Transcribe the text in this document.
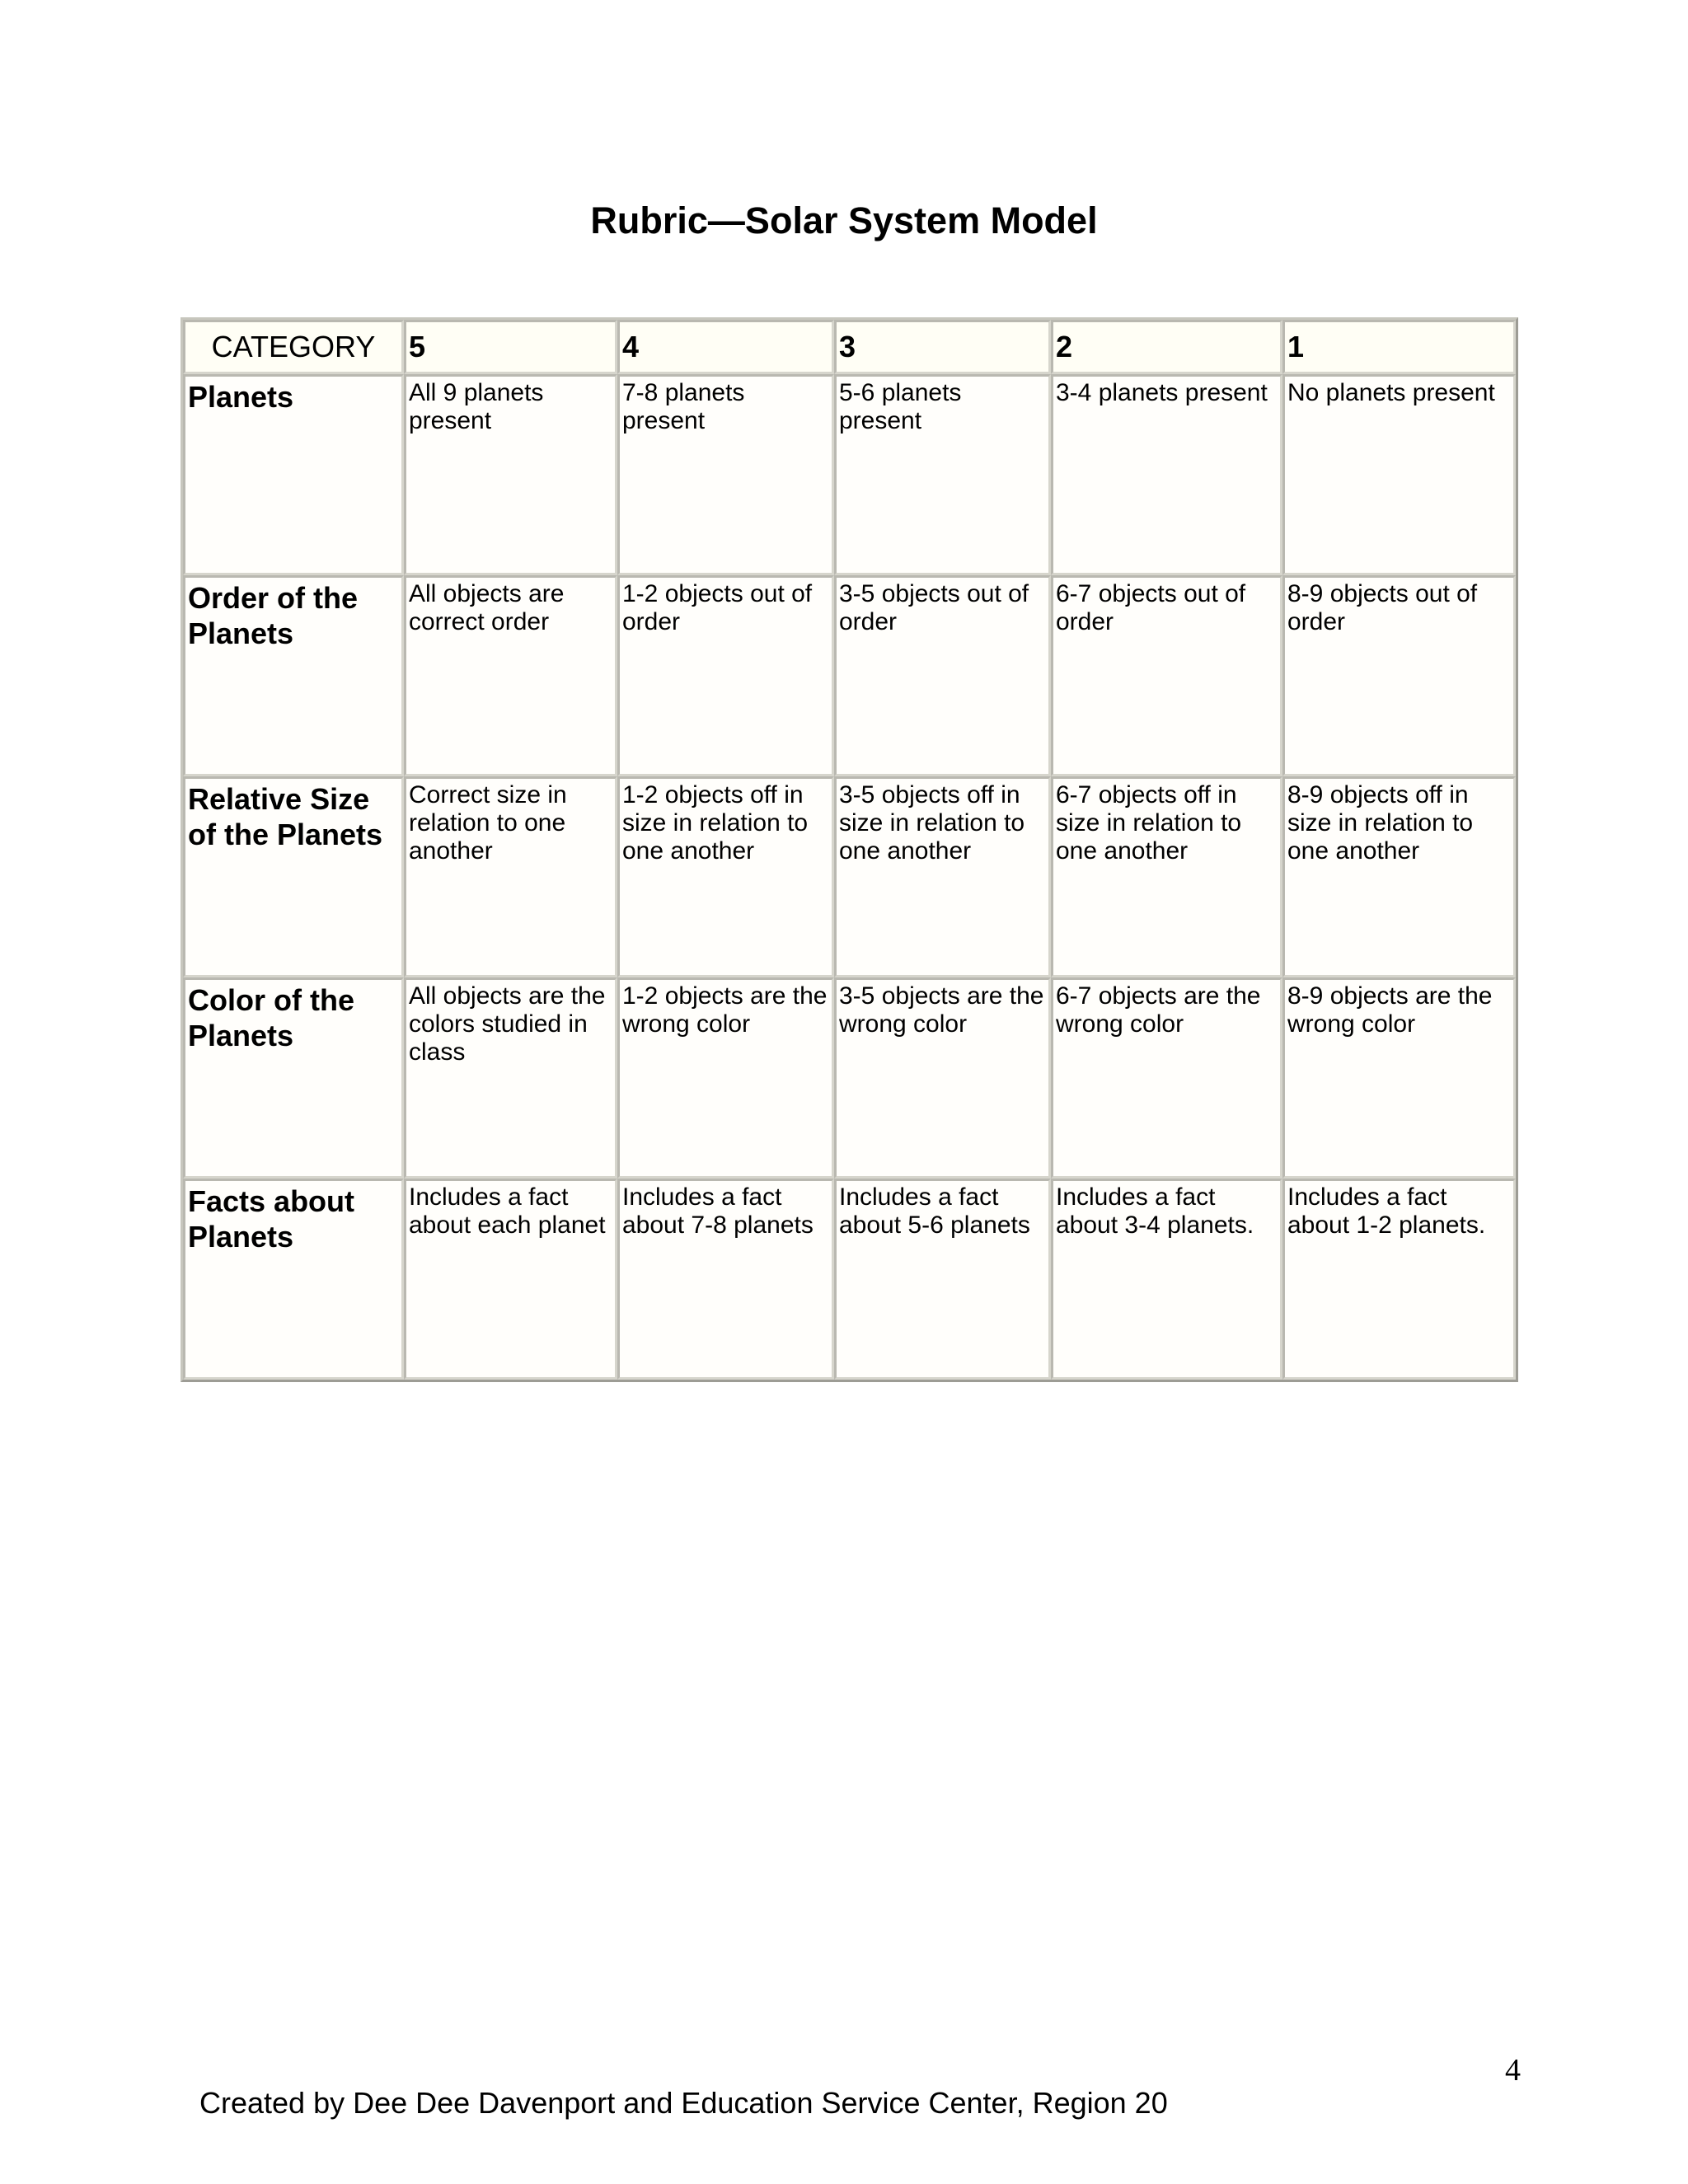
Rubric—Solar System Model
CATEGORY	5	4	3	2	1
Planets	All 9 planets present	7-8 planets present	5-6 planets present	3-4 planets present	No planets present
Order of the Planets	All objects are correct order	1-2 objects out of order	3-5 objects out of order	6-7 objects out of order	8-9 objects out of order
Relative Size of the Planets	Correct size in relation to one another	1-2 objects off in size in relation to one another	3-5 objects off in size in relation to one another	6-7 objects off in size in relation to one another	8-9 objects off in size in relation to one another
Color of the Planets	All objects are the colors studied in class	1-2 objects are the wrong color	3-5 objects are the wrong color	6-7 objects are the wrong color	8-9 objects are the wrong color
Facts about Planets	Includes a fact about each planet	Includes a fact about 7-8 planets	Includes a fact about 5-6 planets	Includes a fact about 3-4 planets.	Includes a fact about 1-2 planets.
4
Created by Dee Dee Davenport and Education Service Center, Region 20
